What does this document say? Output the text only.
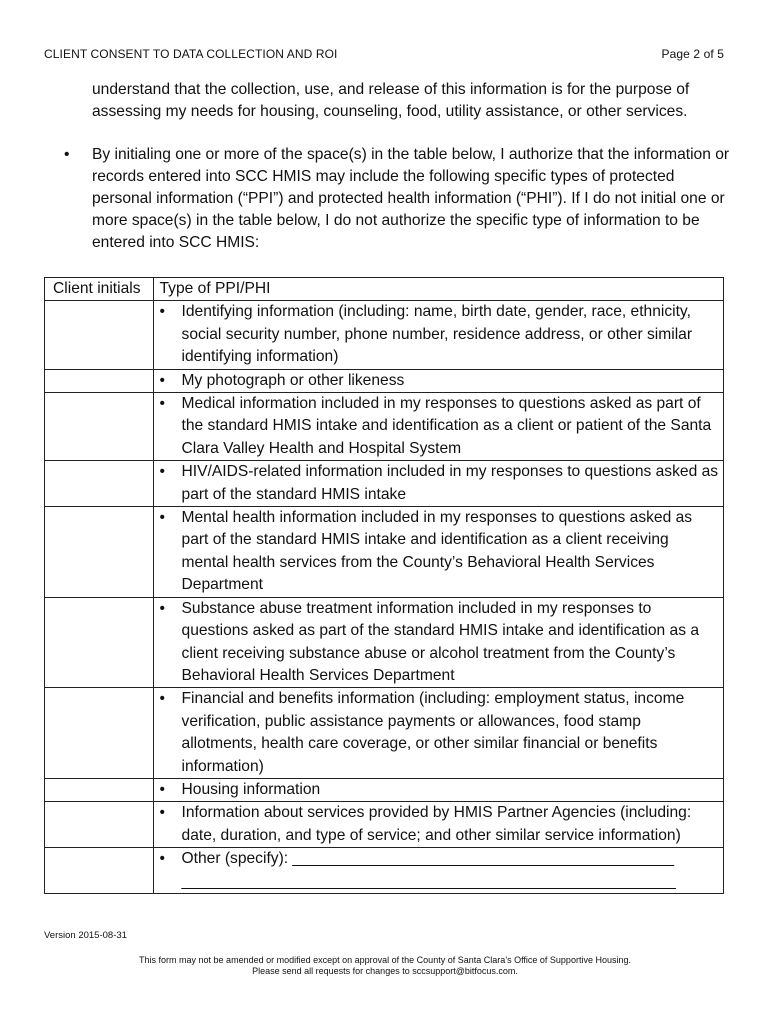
CLIENT CONSENT TO DATA COLLECTION AND ROI	Page 2 of 5
understand that the collection, use, and release of this information is for the purpose of assessing my needs for housing, counseling, food, utility assistance, or other services.
•	By initialing one or more of the space(s) in the table below, I authorize that the information or records entered into SCC HMIS may include the following specific types of protected personal information (“PPI”) and protected health information (“PHI”). If I do not initial one or more space(s) in the table below, I do not authorize the specific type of information to be entered into SCC HMIS:
Client initials	Type of PPI/PHI

	• Identifying information (including: name, birth date, gender, race, ethnicity, social security number, phone number, residence address, or other similar identifying information)

	• My photograph or other likeness

	• Medical information included in my responses to questions asked as part of the standard HMIS intake and identification as a client or patient of the Santa Clara Valley Health and Hospital System

	• HIV/AIDS-related information included in my responses to questions asked as part of the standard HMIS intake

	• Mental health information included in my responses to questions asked as part of the standard HMIS intake and identification as a client receiving mental health services from the County’s Behavioral Health Services Department

	• Substance abuse treatment information included in my responses to questions asked as part of the standard HMIS intake and identification as a client receiving substance abuse or alcohol treatment from the County’s Behavioral Health Services Department

	• Financial and benefits information (including: employment status, income verification, public assistance payments or allowances, food stamp allotments, health care coverage, or other similar financial or benefits information)

	• Housing information

	• Information about services provided by HMIS Partner Agencies (including: date, duration, and type of service; and other similar service information)

	• Other (specify): ____________________________________________ _________________________________________________________
Version 2015-08-31
This form may not be amended or modified except on approval of the County of Santa Clara’s Office of Supportive Housing.
Please send all requests for changes to sccsupport@bitfocus.com.
